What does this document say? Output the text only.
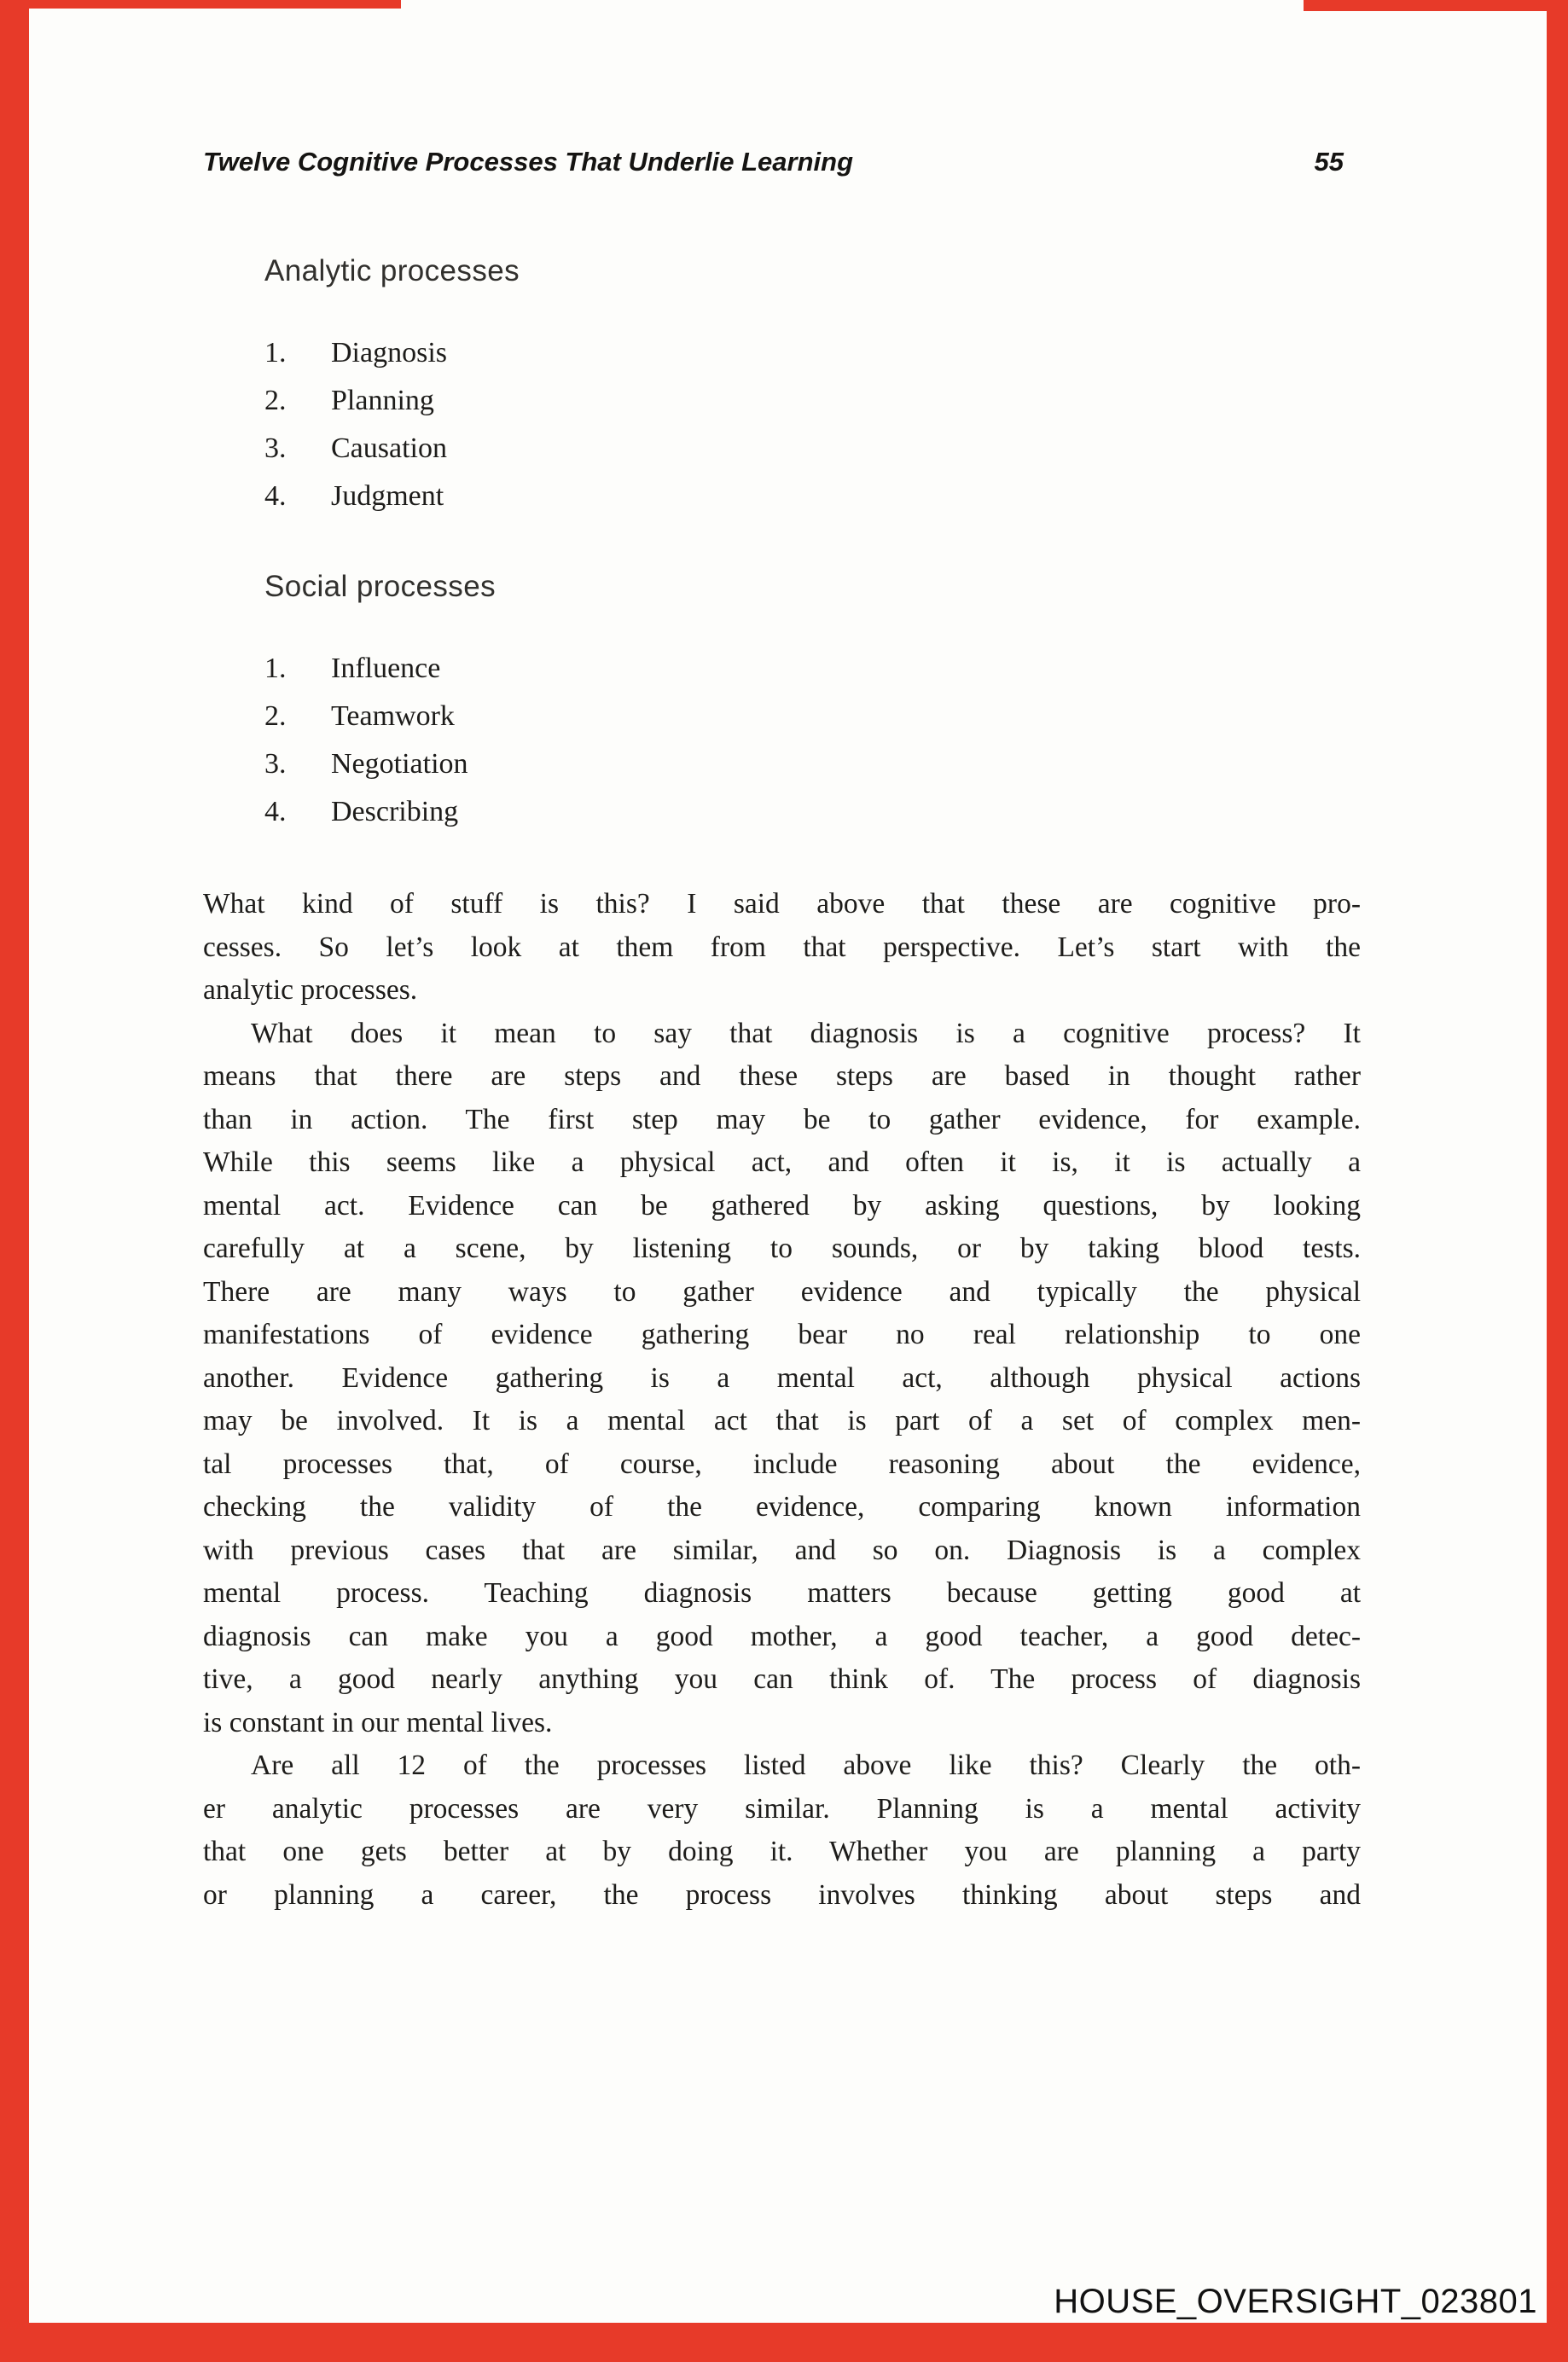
Twelve Cognitive Processes That Underlie Learning	55
Analytic processes
1.	Diagnosis
2.	Planning
3.	Causation
4.	Judgment
Social processes
1.	Influence
2.	Teamwork
3.	Negotiation
4.	Describing
What kind of stuff is this? I said above that these are cognitive pro-
cesses. So let’s look at them from that perspective. Let’s start with the
analytic processes.
What does it mean to say that diagnosis is a cognitive process? It
means that there are steps and these steps are based in thought rather
than in action. The first step may be to gather evidence, for example.
While this seems like a physical act, and often it is, it is actually a
mental act. Evidence can be gathered by asking questions, by looking
carefully at a scene, by listening to sounds, or by taking blood tests.
There are many ways to gather evidence and typically the physical
manifestations of evidence gathering bear no real relationship to one
another. Evidence gathering is a mental act, although physical actions
may be involved. It is a mental act that is part of a set of complex men-
tal processes that, of course, include reasoning about the evidence,
checking the validity of the evidence, comparing known information
with previous cases that are similar, and so on. Diagnosis is a complex
mental process. Teaching diagnosis matters because getting good at
diagnosis can make you a good mother, a good teacher, a good detec-
tive, a good nearly anything you can think of. The process of diagnosis
is constant in our mental lives.
Are all 12 of the processes listed above like this? Clearly the oth-
er analytic processes are very similar. Planning is a mental activity
that one gets better at by doing it. Whether you are planning a party
or planning a career, the process involves thinking about steps and
HOUSE_OVERSIGHT_023801
